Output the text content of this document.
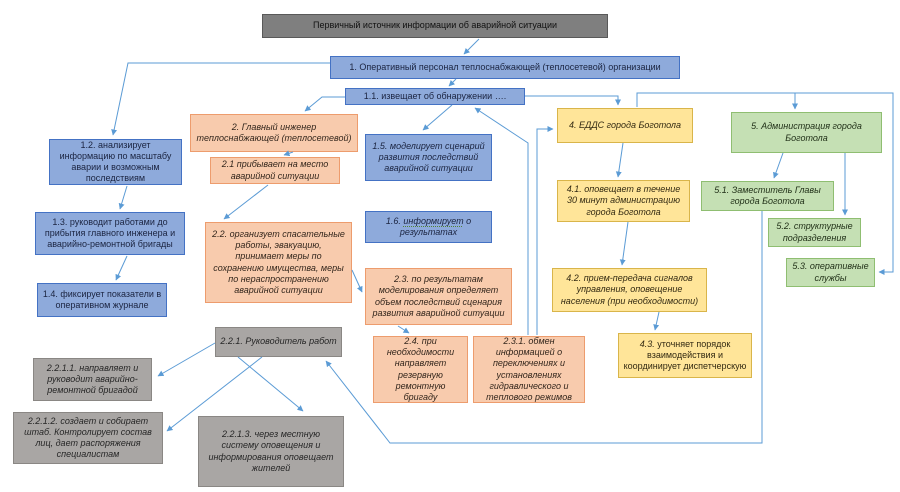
Первичный источник информации об аварийной ситуации
1. Оперативный персонал теплоснабжающей (теплосетевой) организации
1.1. извещает об обнаружении ….
1.2. анализирует информацию по масштабу аварии и возможным последствиям
1.3. руководит работами до прибытия главного инженера и аварийно-ремонтной бригады
1.4. фиксирует показатели в оперативном журнале
2. Главный инженер теплоснабжающей (теплосетевой)
2.1 прибывает на место аварийной ситуации
2.2. организует спасательные работы, эвакуацию, принимает меры по сохранению имущества, меры по нераспространению аварийной ситуации
1.5. моделирует сценарий развития последствий аварийной ситуации
1.6. информирует о результатах
2.3. по результатам моделирования определяет объем последствий сценария развития аварийной ситуации
2.4. при необходимости направляет резервную ремонтную бригаду
2.3.1. обмен информацией о переключениях и установлениях гидравлического и теплового режимов
4. ЕДДС города Боготола
4.1. оповещает в течение 30 минут администрацию города Боготола
4.2. прием-передача сигналов управления, оповещение населения (при необходимости)
4.3. уточняет порядок взаимодействия и координирует диспетчерскую
5. Администрация города Боготола
5.1. Заместитель Главы города Боготола
5.2. структурные подразделения
5.3. оперативные службы
2.2.1. Руководитель работ
2.2.1.1. направляет и руководит аварийно-ремонтной бригадой
2.2.1.2. создает и собирает штаб. Контролирует состав лиц, дает распоряжения специалистам
2.2.1.3. через местную систему оповещения и информирования оповещает жителей
